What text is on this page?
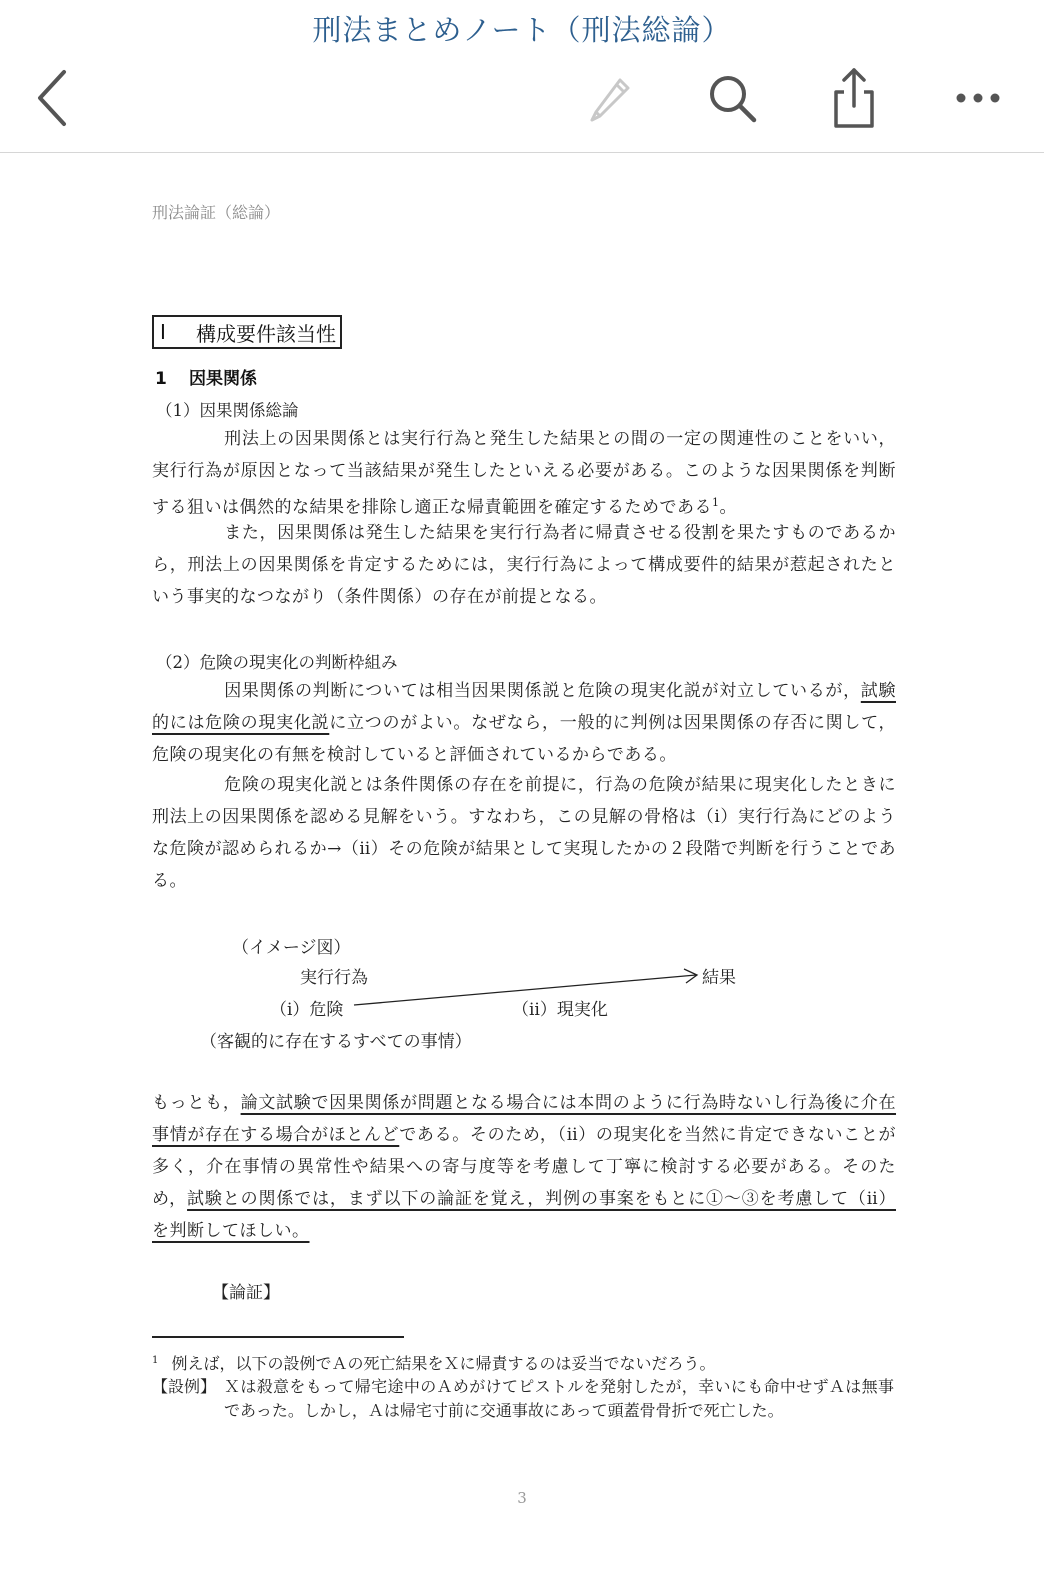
刑法まとめノート（刑法総論）
刑法論証（総論）
Ⅰ	構成要件該当性
1 因果関係
（1）因果関係総論
刑法上の因果関係とは実行行為と発生した結果との間の一定の関連性のことをいい，実行行為が原因となって当該結果が発生したといえる必要がある。このような因果関係を判断する狙いは偶然的な結果を排除し適正な帰責範囲を確定するためである$^1$。
また，因果関係は発生した結果を実行行為者に帰責させる役割を果たすものであるから，刑法上の因果関係を肯定するためには，実行行為によって構成要件的結果が惹起されたという事実的なつながり（条件関係）の存在が前提となる。
（2）危険の現実化の判断枠組み
因果関係の判断については相当因果関係説と危険の現実化説が対立しているが，試験的には危険の現実化説に立つのがよい。なぜなら，一般的に判例は因果関係の存否に関して，危険の現実化の有無を検討していると評価されているからである。
危険の現実化説とは条件関係の存在を前提に，行為の危険が結果に現実化したときに刑法上の因果関係を認める見解をいう。すなわち，この見解の骨格は（ⅰ）実行行為にどのような危険が認められるか→（ⅱ）その危険が結果として実現したかの２段階で判断を行うことである。
（イメージ図）
実行行為	結果
（ⅰ）危険	（ⅱ）現実化
（客観的に存在するすべての事情）
もっとも，論文試験で因果関係が問題となる場合には本問のように行為時ないし行為後に介在事情が存在する場合がほとんどである。そのため，（ⅱ）の現実化を当然に肯定できないことが多く，介在事情の異常性や結果への寄与度等を考慮して丁寧に検討する必要がある。そのため，試験との関係では，まず以下の論証を覚え，判例の事案をもとに①～③を考慮して（ⅱ）を判断してほしい。
【論証】
$^1$ 例えば，以下の設例でＡの死亡結果をＸに帰責するのは妥当でないだろう。
【設例】 Ｘは殺意をもって帰宅途中のＡめがけてピストルを発射したが，幸いにも命中せずＡは無事であった。しかし，Ａは帰宅寸前に交通事故にあって頭蓋骨骨折で死亡した。
3
